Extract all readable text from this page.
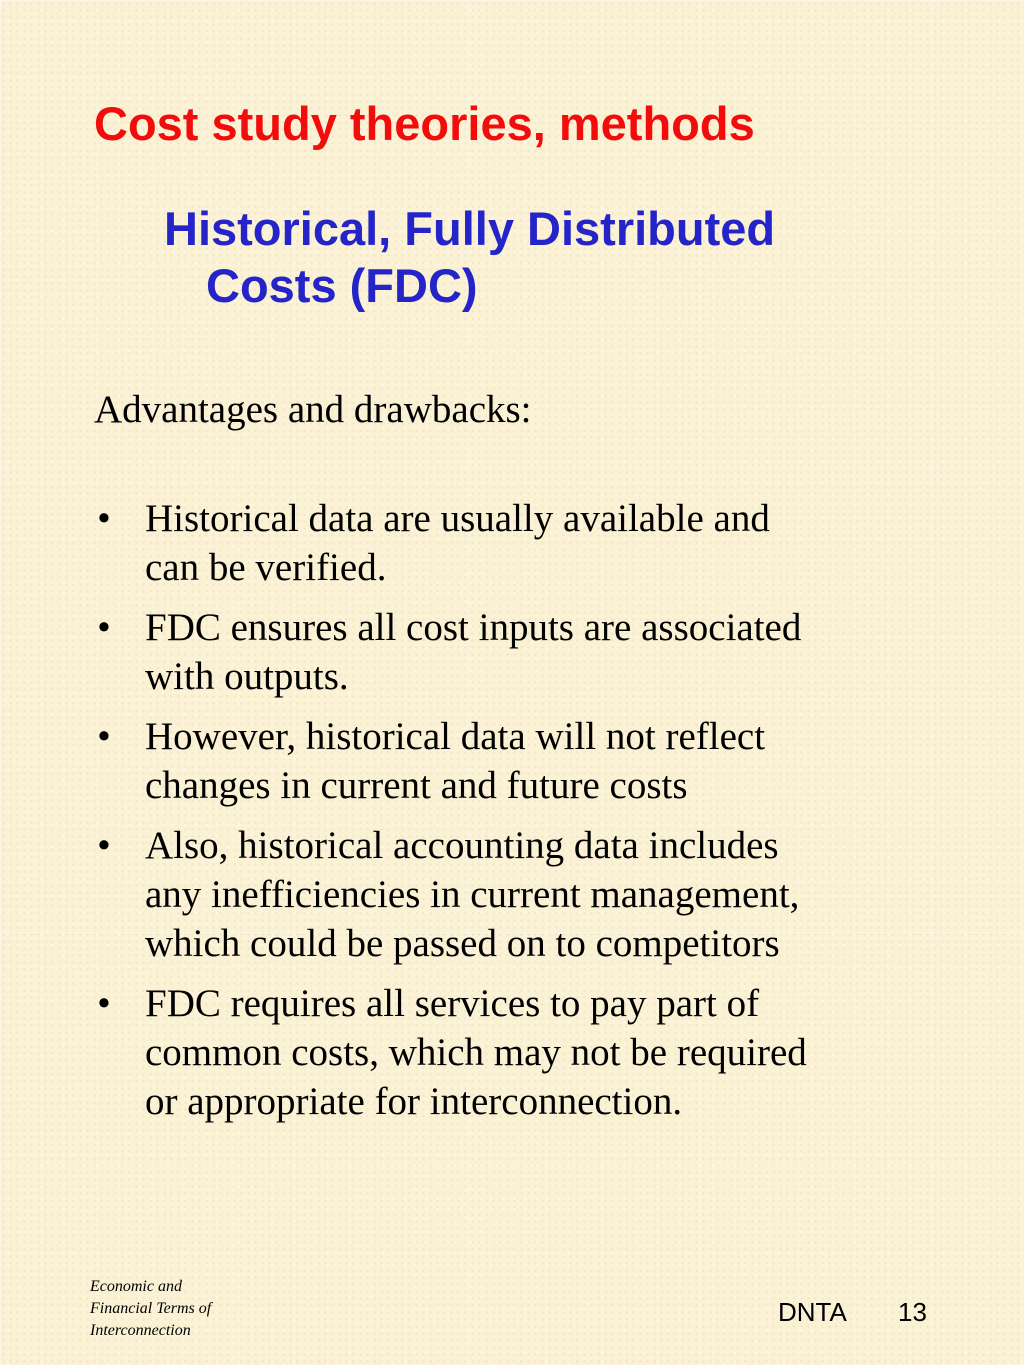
Cost study theories, methods
Historical, Fully Distributed
Costs (FDC)

Advantages and drawbacks:

• Historical data are usually available and
can be verified.
• FDC ensures all cost inputs are associated
with outputs.
• However, historical data will not reflect
changes in current and future costs
• Also, historical accounting data includes
any inefficiencies in current management,
which could be passed on to competitors
• FDC requires all services to pay part of
common costs, which may not be required
or appropriate for interconnection.
Economic and
Financial Terms of
Interconnection
DNTA 13
